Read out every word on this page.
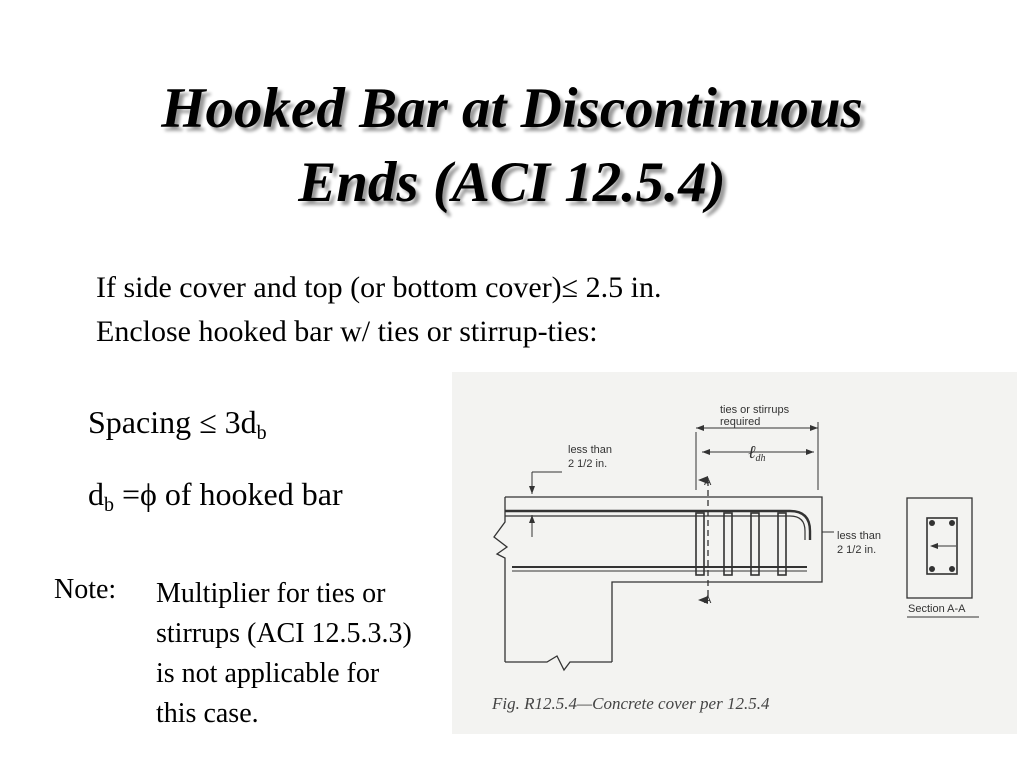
Hooked Bar at Discontinuous
Ends (ACI 12.5.4)
If side cover and top (or bottom cover)≤ 2.5 in.
Enclose hooked bar w/ ties or stirrup-ties:
Spacing ≤ $3d_b$
$d_b =\phi$ of hooked bar
Note: Multiplier for ties or
stirrups (ACI 12.5.3.3)
is not applicable for
this case.
ties or stirrups
required
ℓ$_{dh}$
less than
2 1/2 in.
less than
2 1/2 in.
A
A
Section A-A
Fig. R12.5.4—Concrete cover per 12.5.4
